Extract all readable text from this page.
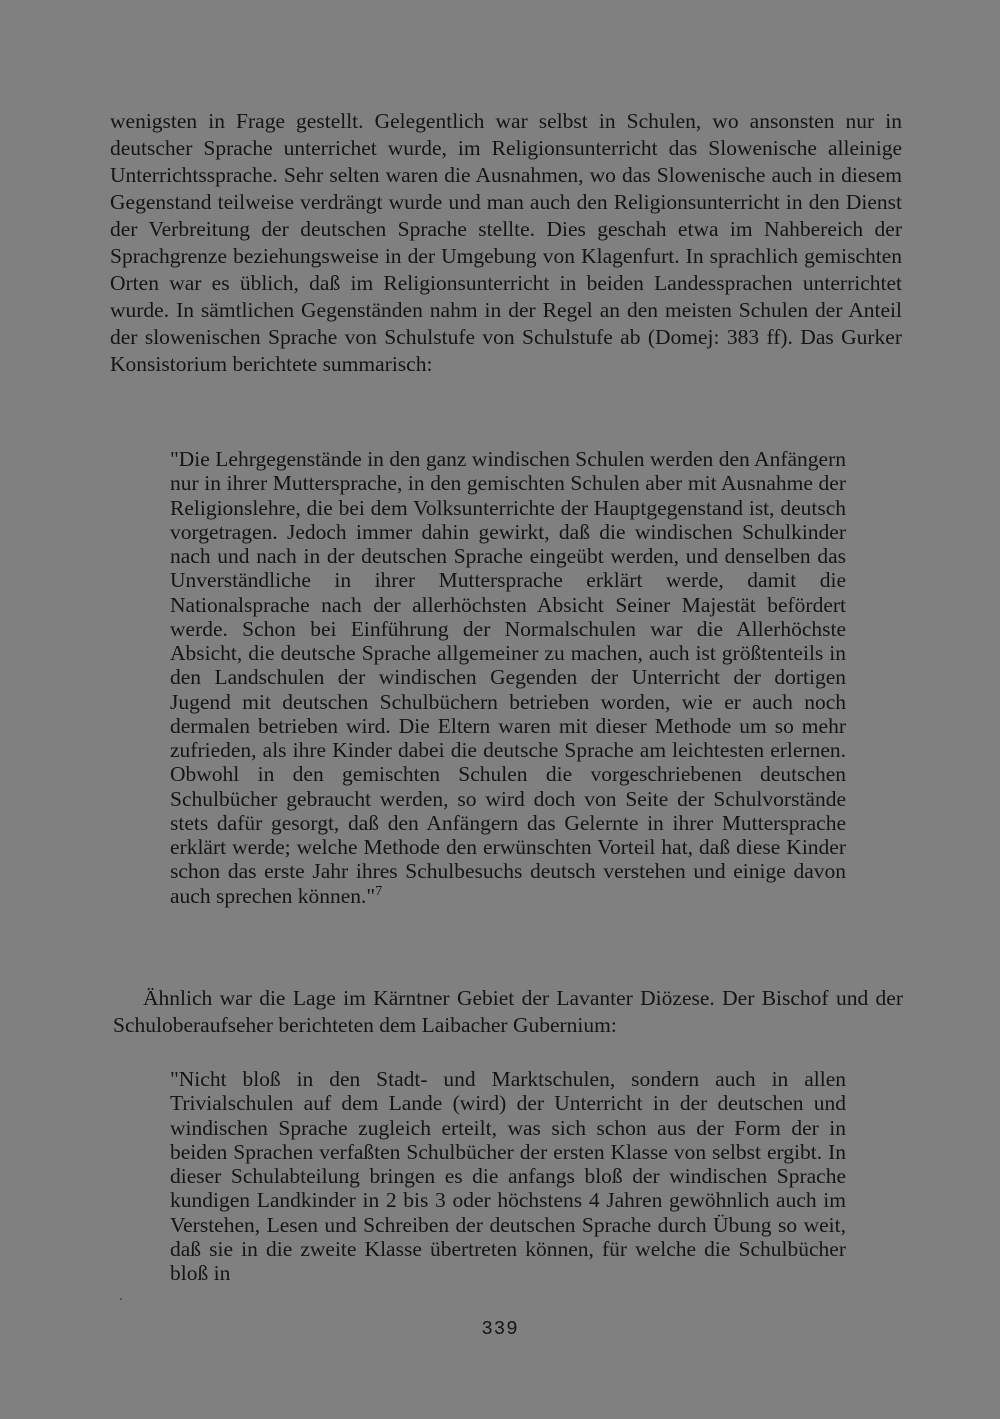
wenigsten in Frage gestellt. Gelegentlich war selbst in Schulen, wo ansonsten nur in deutscher Sprache unterrichet wurde, im Religionsunterricht das Slowenische alleinige Unterrichtssprache. Sehr selten waren die Ausnahmen, wo das Slowenische auch in diesem Gegenstand teilweise verdrängt wurde und man auch den Religionsunterricht in den Dienst der Verbreitung der deutschen Sprache stellte. Dies geschah etwa im Nahbereich der Sprachgrenze beziehungsweise in der Umgebung von Klagenfurt. In sprachlich gemischten Orten war es üblich, daß im Religionsunterricht in beiden Landessprachen unterrichtet wurde. In sämtlichen Gegenständen nahm in der Regel an den meisten Schulen der Anteil der slowenischen Sprache von Schulstufe von Schulstufe ab (Domej: 383 ff). Das Gurker Konsistorium berichtete summarisch:

"Die Lehrgegenstände in den ganz windischen Schulen werden den Anfängern nur in ihrer Muttersprache, in den gemischten Schulen aber mit Ausnahme der Religionslehre, die bei dem Volksunterrichte der Hauptgegenstand ist, deutsch vorgetragen. Jedoch immer dahin gewirkt, daß die windischen Schulkinder nach und nach in der deutschen Sprache eingeübt werden, und denselben das Unverständliche in ihrer Muttersprache erklärt werde, damit die Nationalsprache nach der allerhöchsten Absicht Seiner Majestät befördert werde. Schon bei Einführung der Normalschulen war die Allerhöchste Absicht, die deutsche Sprache allgemeiner zu machen, auch ist größtenteils in den Landschulen der windischen Gegenden der Unterricht der dortigen Jugend mit deutschen Schulbüchern betrieben worden, wie er auch noch dermalen betrieben wird. Die Eltern waren mit dieser Methode um so mehr zufrieden, als ihre Kinder dabei die deutsche Sprache am leichtesten erlernen. Obwohl in den gemischten Schulen die vorgeschriebenen deutschen Schulbücher gebraucht werden, so wird doch von Seite der Schulvorstände stets dafür gesorgt, daß den Anfängern das Gelernte in ihrer Muttersprache erklärt werde; welche Methode den erwünschten Vorteil hat, daß diese Kinder schon das erste Jahr ihres Schulbesuchs deutsch verstehen und einige davon auch sprechen können."$^7$

Ähnlich war die Lage im Kärntner Gebiet der Lavanter Diözese. Der Bischof und der Schuloberaufseher berichteten dem Laibacher Gubernium:

"Nicht bloß in den Stadt- und Marktschulen, sondern auch in allen Trivialschulen auf dem Lande (wird) der Unterricht in der deutschen und windischen Sprache zugleich erteilt, was sich schon aus der Form der in beiden Sprachen verfaßten Schulbücher der ersten Klasse von selbst ergibt. In dieser Schulabteilung bringen es die anfangs bloß der windischen Sprache kundigen Landkinder in 2 bis 3 oder höchstens 4 Jahren gewöhnlich auch im Verstehen, Lesen und Schreiben der deutschen Sprache durch Übung so weit, daß sie in die zweite Klasse übertreten können, für welche die Schulbücher bloß in

339
